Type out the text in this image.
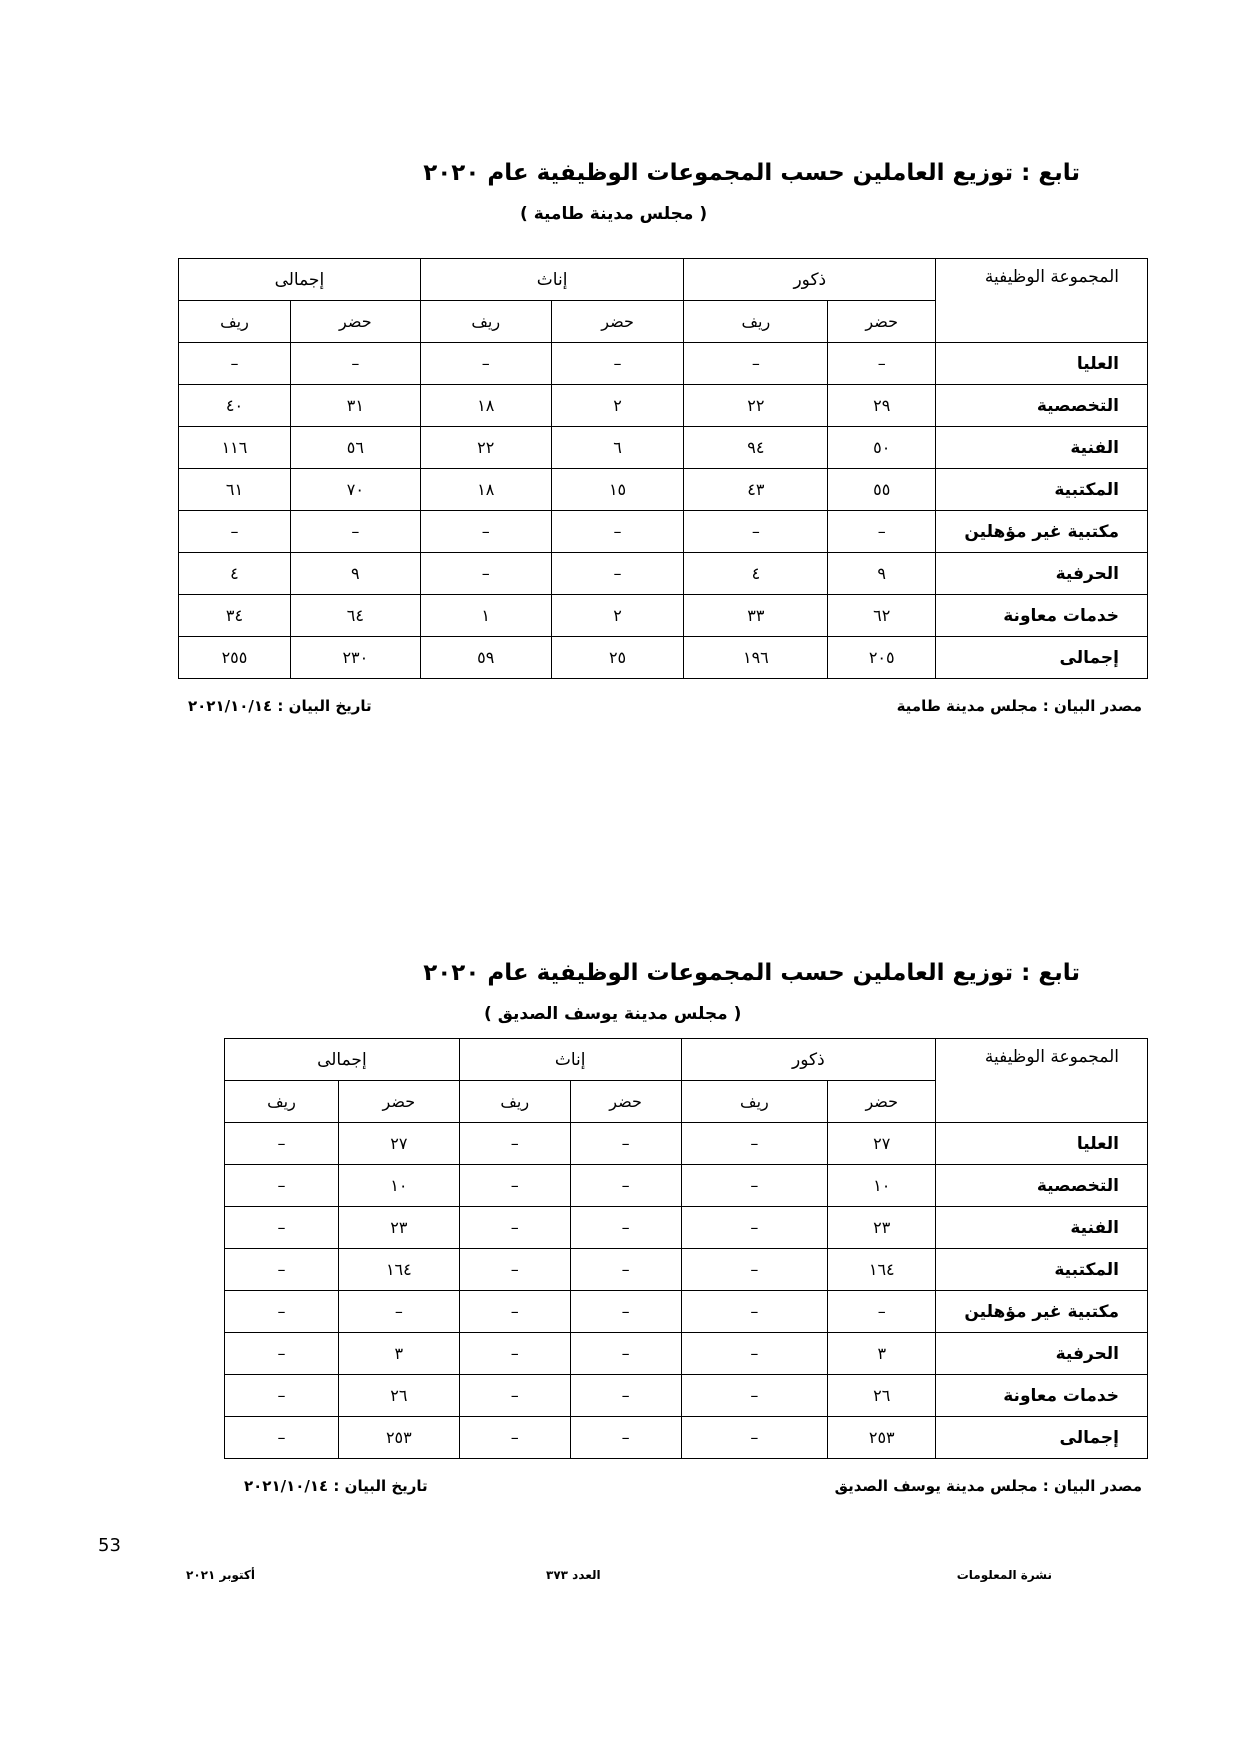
تابع : توزيع العاملين حسب المجموعات الوظيفية عام ٢٠٢٠
( مجلس مدينة طامية )
المجموعة الوظيفية	ذكور		إناث		إجمالى	
	حضر	ريف	حضر	ريف	حضر	ريف
العليا	–	–	–	–	–	–
التخصصية	٢٩	٢٢	٢	١٨	٣١	٤٠
الفنية	٥٠	٩٤	٦	٢٢	٥٦	١١٦
المكتبية	٥٥	٤٣	١٥	١٨	٧٠	٦١
مكتبية غير مؤهلين	–	–	–	–	–	–
الحرفية	٩	٤	–	–	٩	٤
خدمات معاونة	٦٢	٣٣	٢	١	٦٤	٣٤
إجمالى	٢٠٥	١٩٦	٢٥	٥٩	٢٣٠	٢٥٥
مصدر البيان : مجلس مدينة طامية
تاريخ البيان : ٢٠٢١/١٠/١٤
تابع : توزيع العاملين حسب المجموعات الوظيفية عام ٢٠٢٠
( مجلس مدينة يوسف الصديق )
المجموعة الوظيفية	ذكور		إناث		إجمالى	
	حضر	ريف	حضر	ريف	حضر	ريف
العليا	٢٧	–	–	–	٢٧	–
التخصصية	١٠	–	–	–	١٠	–
الفنية	٢٣	–	–	–	٢٣	–
المكتبية	١٦٤	–	–	–	١٦٤	–
مكتبية غير مؤهلين	–	–	–	–	–	–
الحرفية	٣	–	–	–	٣	–
خدمات معاونة	٢٦	–	–	–	٢٦	–
إجمالى	٢٥٣	–	–	–	٢٥٣	–
مصدر البيان : مجلس مدينة يوسف الصديق
تاريخ البيان : ٢٠٢١/١٠/١٤
53
نشرة المعلومات
العدد ٣٧٣
أكتوبر ٢٠٢١
